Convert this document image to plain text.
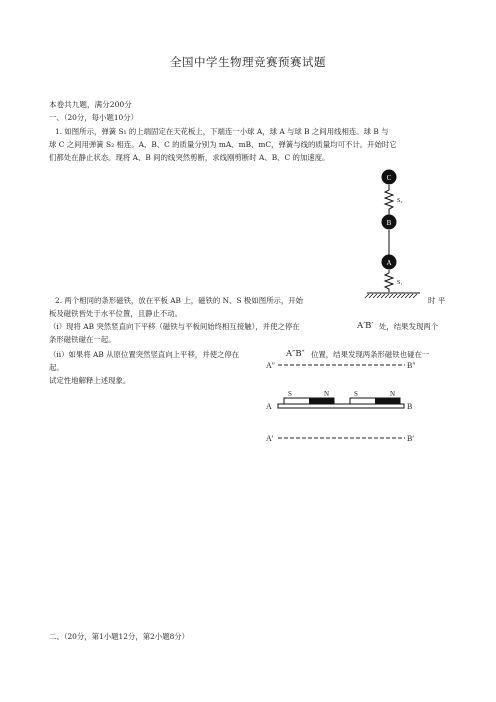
全国中学生物理竞赛预赛试题
本卷共九题，满分200分
一、（20分，每小题10分）
1. 如图所示，弹簧 S₁ 的上端固定在天花板上，下端连一小球 A，球 A 与球 B 之间用线相连。球 B 与
球 C 之间用弹簧 S₂ 相连。A、B、C 的质量分别为 mA、mB、mC，弹簧与线的质量均可不计。开始时它
们都处在静止状态。现将 A、B 间的线突然剪断，求线刚剪断时 A、B、C 的加速度。
C
S₂
B
A
S₁
2. 两个相同的条形磁铁，放在平板 AB 上，磁铁的 N、S 极如图所示，开始	时 平
板及磁铁皆处于水平位置，且静止不动。
（ⅰ）现将 AB 突然竖直向下平移（磁铁与平板间始终相互接触），并使之停在	A′B′ 处，结果发现两个
条形磁铁碰在一起。
（ⅱ）如果将 AB 从原位置突然竖直向上平移，并使之停在	A″B″ 位置，结果发现两条形磁铁也碰在一
起。
试定性地解释上述现象。
A″	B″
S	N	S	N
A	B
A′	B′
二、（20分，第1小题12分，第2小题8分）
